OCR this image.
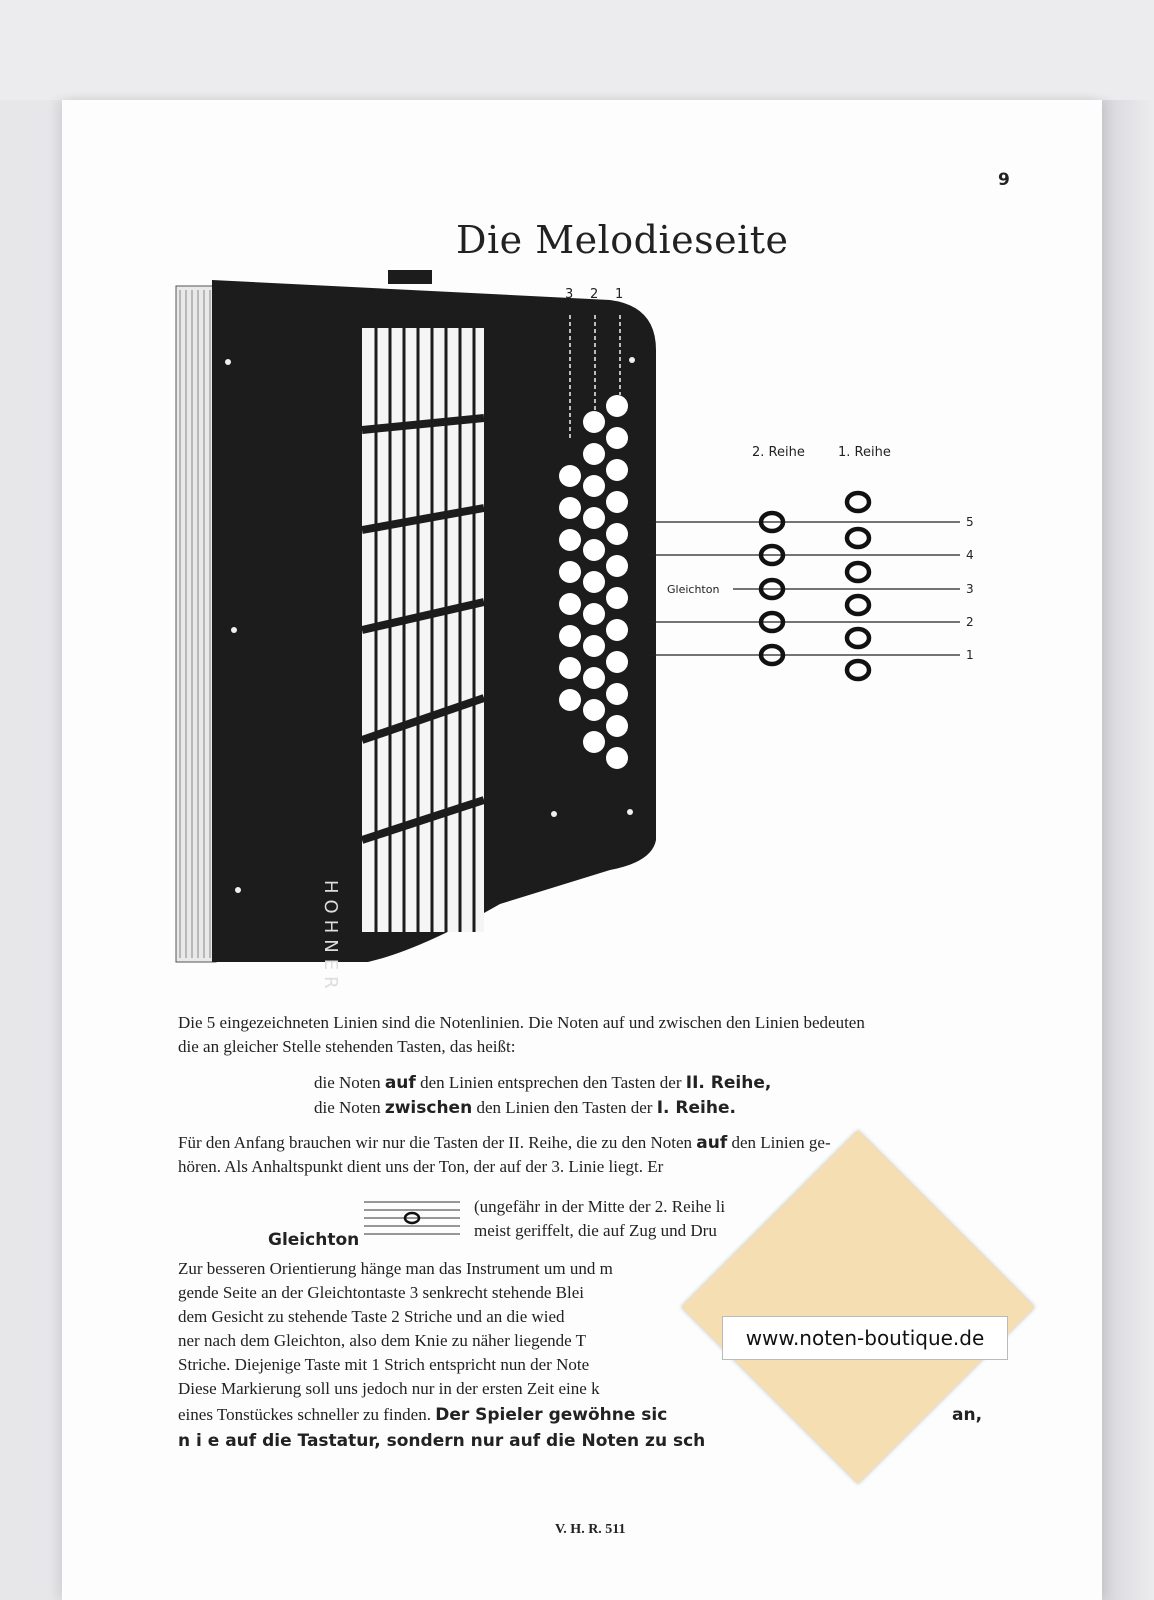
9
Die Melodieseite
HOHNER
3 2 1
Gleichton
2. Reihe	1. Reihe
5
4
3
2
1
Die 5 eingezeichneten Linien sind die Notenlinien. Die Noten auf und zwischen den Linien bedeuten
die an gleicher Stelle stehenden Tasten, das heißt:
die Noten auf den Linien entsprechen den Tasten der II. Reihe,
die Noten zwischen den Linien den Tasten der I. Reihe.
Für den Anfang brauchen wir nur die Tasten der II. Reihe, die zu den Noten auf den Linien ge-
hören. Als Anhaltspunkt dient uns der Ton, der auf der 3. Linie liegt. Er
Gleichton
(ungefähr in der Mitte der 2. Reihe li
meist geriffelt, die auf Zug und Dru
Zur besseren Orientierung hänge man das Instrument um und m
gende Seite an der Gleichtontaste 3 senkrecht stehende Blei
dem Gesicht zu stehende Taste 2 Striche und an die wied
ner nach dem Gleichton, also dem Knie zu näher liegende T
Striche. Diejenige Taste mit 1 Strich entspricht nun der Note
Diese Markierung soll uns jedoch nur in der ersten Zeit eine k
eines Tonstückes schneller zu finden. Der Spieler gewöhne sic	an,
n i e auf die Tastatur, sondern nur auf die Noten zu sch
V. H. R. 511
www.noten-boutique.de
